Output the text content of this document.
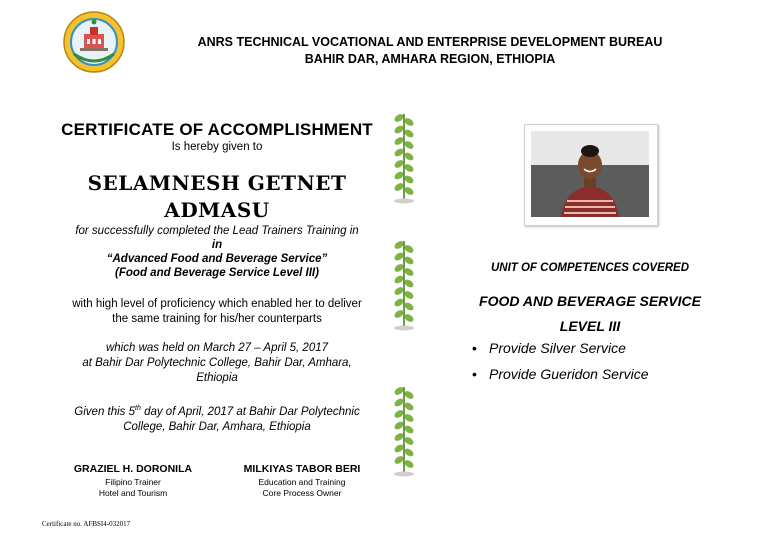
ANRS TECHNICAL VOCATIONAL AND ENTERPRISE DEVELOPMENT BUREAU
BAHIR DAR, AMHARA REGION, ETHIOPIA
CERTIFICATE OF ACCOMPLISHMENT
Is hereby given to
SELAMNESH GETNET
ADMASU
for successfully completed the Lead Trainers Training in
in
“Advanced Food and Beverage Service”
(Food and Beverage Service Level III)
with high level of proficiency which enabled her to deliver
the same training for his/her counterparts
which was held on March 27 – April 5, 2017
at Bahir Dar Polytechnic College, Bahir Dar, Amhara,
Ethiopia
Given this 5th day of April, 2017 at Bahir Dar Polytechnic
College, Bahir Dar, Amhara, Ethiopia
GRAZIEL H. DORONILA
Filipino Trainer
Hotel and Tourism
MILKIYAS TABOR BERI
Education and Training
Core Process Owner
Certificate no. AFBSI4-032017
UNIT OF COMPETENCES COVERED
FOOD AND BEVERAGE SERVICE
LEVEL III
• Provide Silver Service
• Provide Gueridon Service
